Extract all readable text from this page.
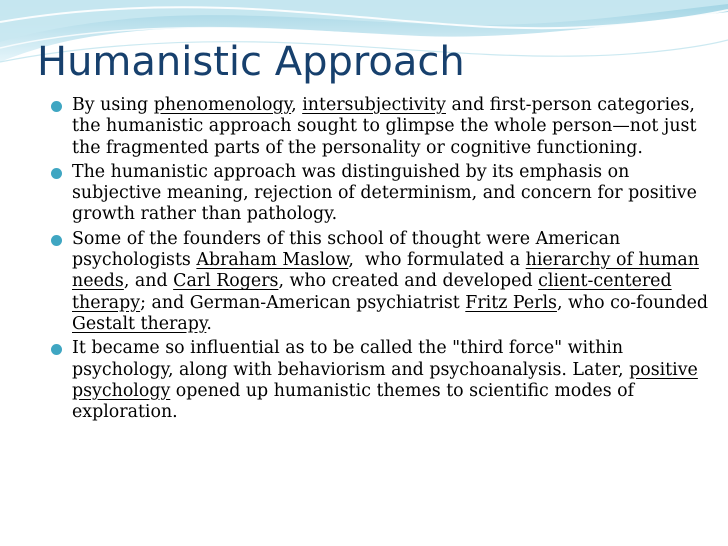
Humanistic Approach
By using phenomenology, intersubjectivity and first-person categories, the humanistic approach sought to glimpse the whole person—not just the fragmented parts of the personality or cognitive functioning.
The humanistic approach was distinguished by its emphasis on subjective meaning, rejection of determinism, and concern for positive growth rather than pathology.
Some of the founders of this school of thought were American psychologists Abraham Maslow,  who formulated a hierarchy of human needs, and Carl Rogers, who created and developed client-centered therapy; and German-American psychiatrist Fritz Perls, who co-founded Gestalt therapy.
It became so influential as to be called the "third force" within psychology, along with behaviorism and psychoanalysis. Later, positive psychology opened up humanistic themes to scientific modes of exploration.
